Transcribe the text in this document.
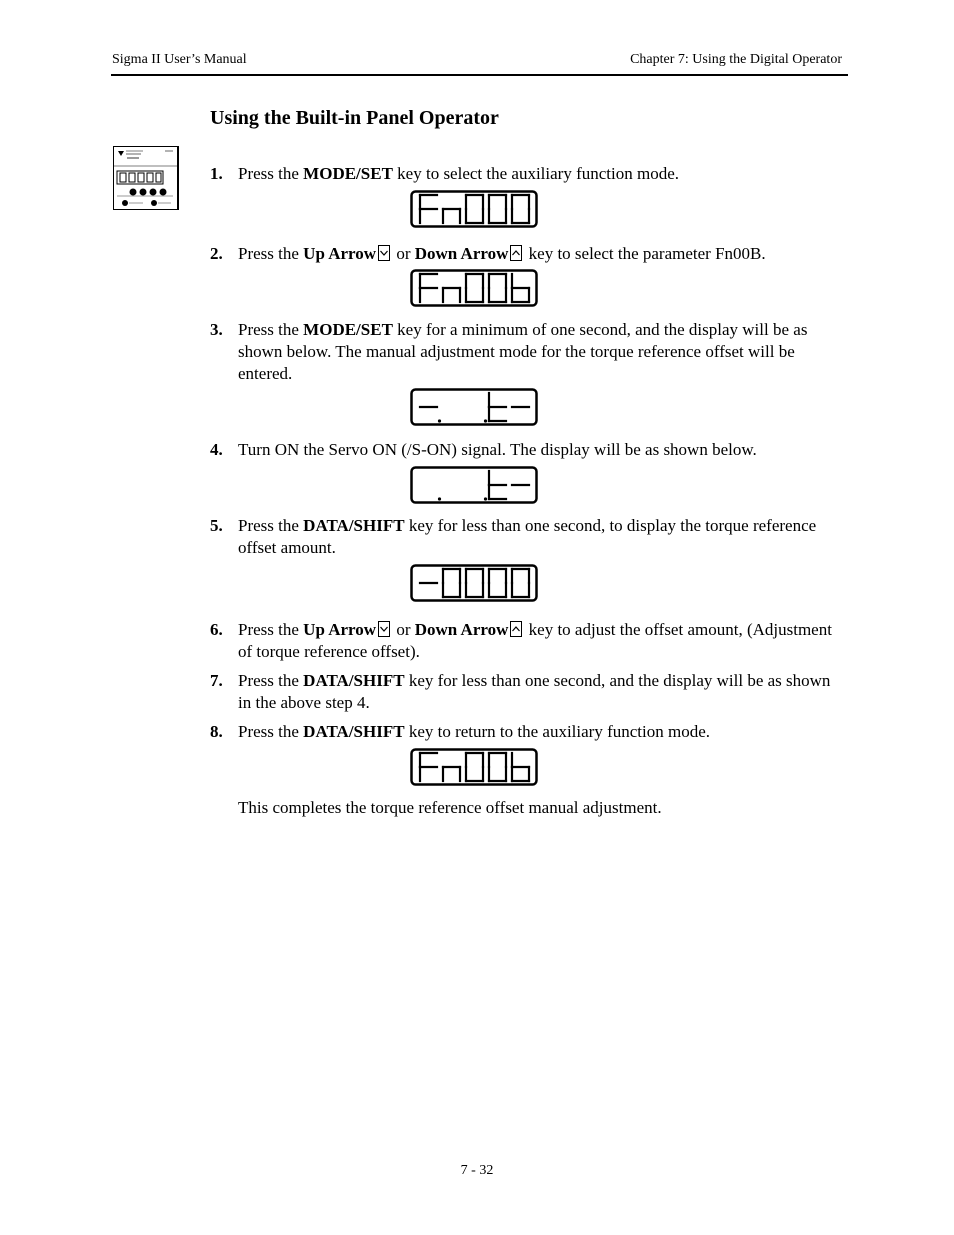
Sigma II User’s Manual	Chapter 7: Using the Digital Operator
Using the Built-in Panel Operator
1. Press the MODE/SET key to select the auxiliary function mode.
2. Press the Up Arrow
or Down Arrow
key to select the parameter Fn00B.
3. Press the MODE/SET key for a minimum of one second, and the display will be as shown below. The manual adjustment mode for the torque reference offset will be entered.
4. Turn ON the Servo ON (/S-ON) signal. The display will be as shown below.
5. Press the DATA/SHIFT key for less than one second, to display the torque reference offset amount.
6. Press the Up Arrow
or Down Arrow
key to adjust the offset amount, (Adjustment of torque reference offset).
7. Press the DATA/SHIFT key for less than one second, and the display will be as shown in the above step 4.
8. Press the DATA/SHIFT key to return to the auxiliary function mode.
This completes the torque reference offset manual adjustment.
7 - 32
